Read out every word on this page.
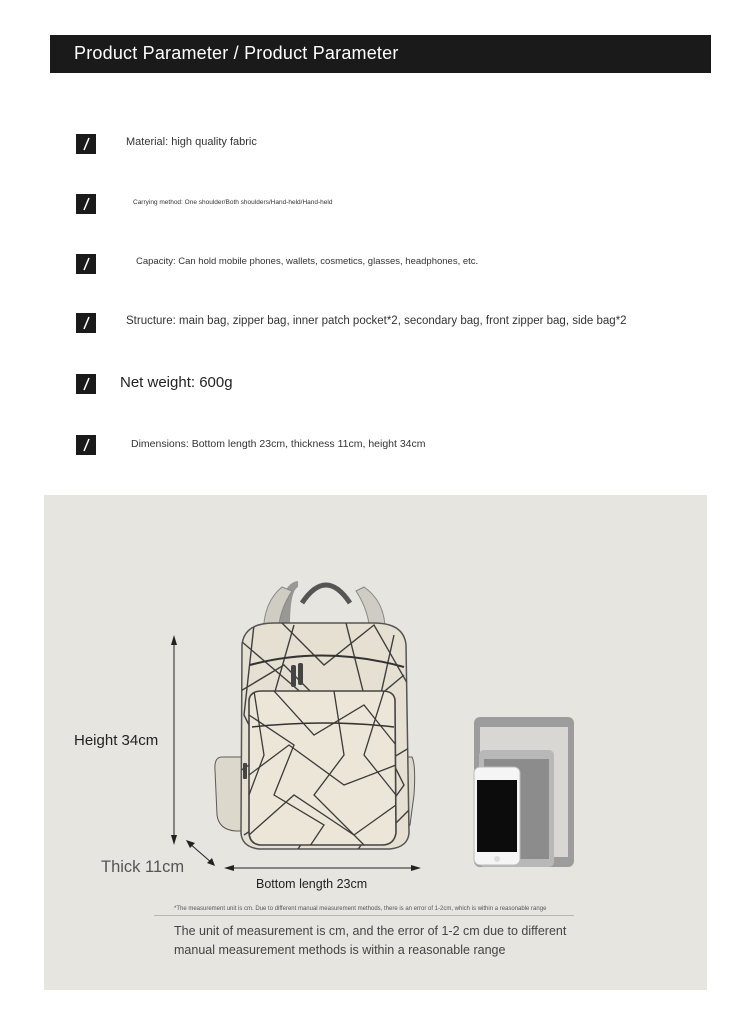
Product Parameter / Product Parameter
Material: high quality fabric
Carrying method: One shoulder/Both shoulders/Hand-held/Hand-held
Capacity: Can hold mobile phones, wallets, cosmetics, glasses, headphones, etc.
Structure: main bag, zipper bag, inner patch pocket*2, secondary bag, front zipper bag, side bag*2
Net weight: 600g
Dimensions: Bottom length 23cm, thickness 11cm, height 34cm
Height 34cm
Thick 11cm
Bottom length 23cm
*The measurement unit is cm. Due to different manual measurement methods, there is an error of 1-2cm, which is within a reasonable range
The unit of measurement is cm, and the error of 1-2 cm due to different
manual measurement methods is within a reasonable range
